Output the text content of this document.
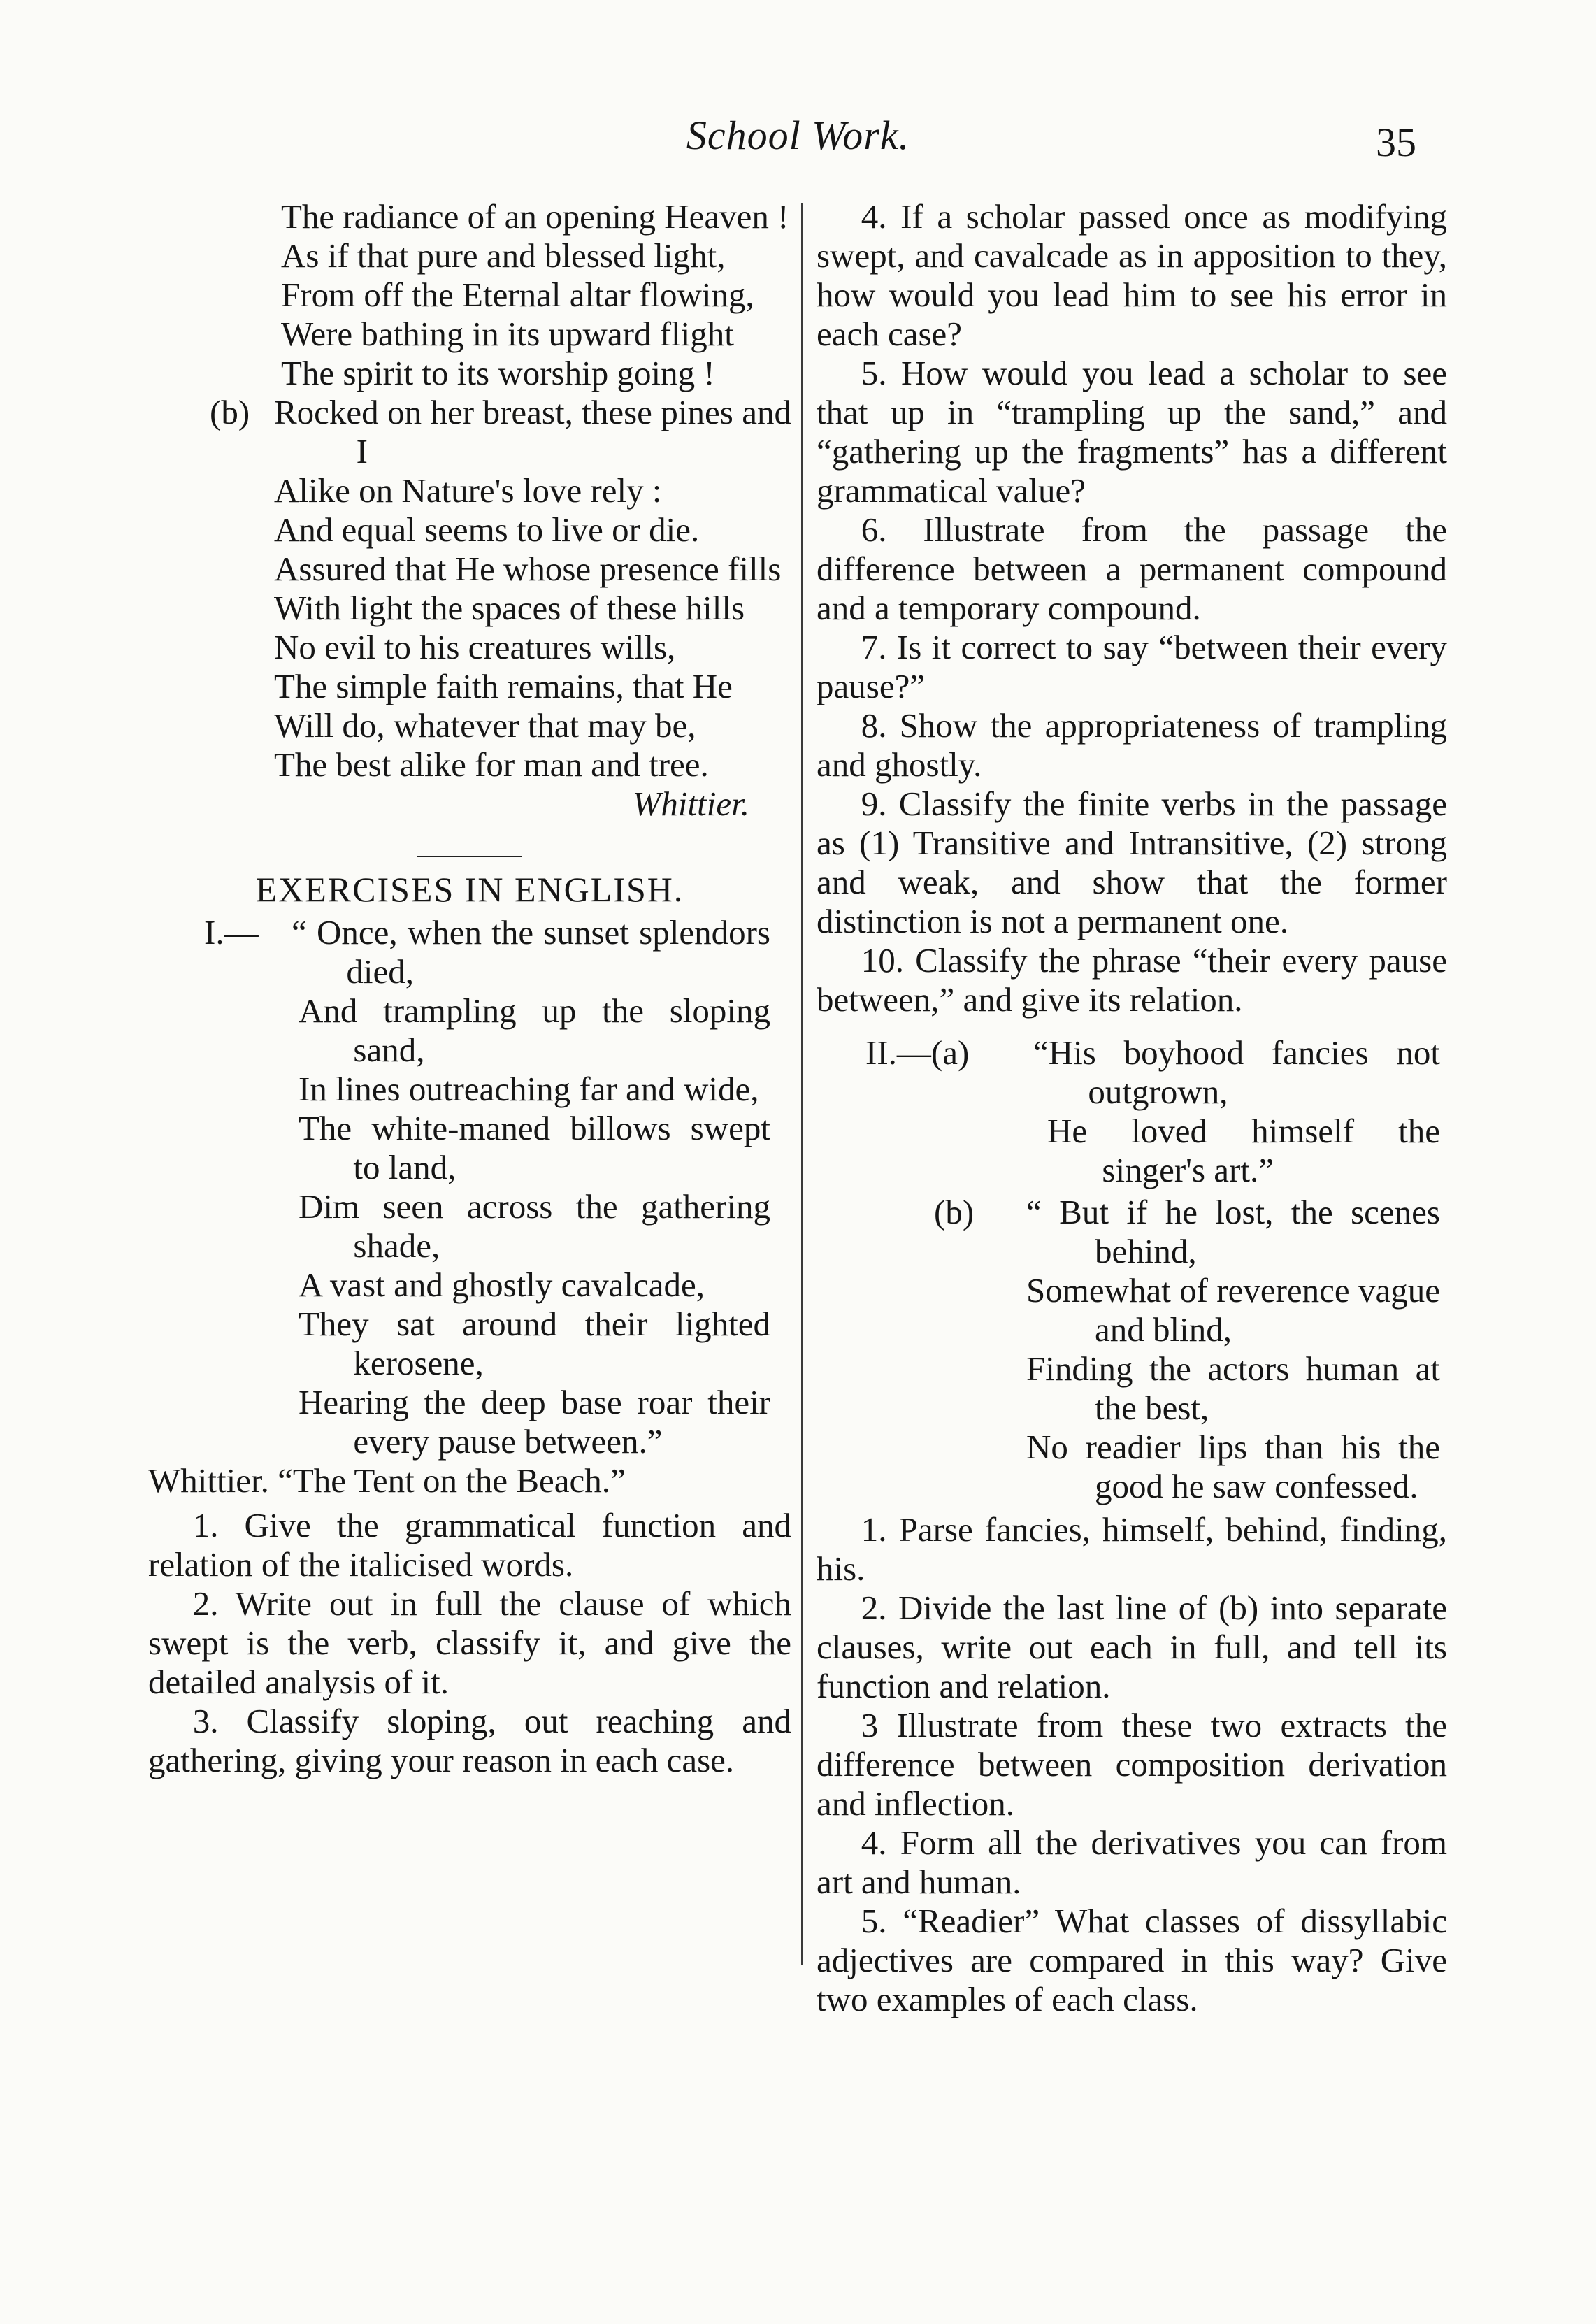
School Work.	35
The radiance of an opening Heaven !
As if that pure and blessed light,
From off the Eternal altar flowing,
Were bathing in its upward flight
The spirit to its worship going !
(b) Rocked on her breast, these pines and I
Alike on Nature's love rely :
And equal seems to live or die.
Assured that He whose presence fills
With light the spaces of these hills
No evil to his creatures wills,
The simple faith remains, that He
Will do, whatever that may be,
The best alike for man and tree.
Whittier.
EXERCISES IN ENGLISH.
I.— “ Once, when the sunset splendors died,
And trampling up the sloping sand,
In lines outreaching far and wide,
The white-maned billows swept to land,
Dim seen across the gathering shade,
A vast and ghostly cavalcade,
They sat around their lighted kerosene,
Hearing the deep base roar their every pause between.”
Whittier. “The Tent on the Beach.”
1. Give the grammatical function and relation of the italicised words.
2. Write out in full the clause of which swept is the verb, classify it, and give the detailed analysis of it.
3. Classify sloping, out reaching and gathering, giving your reason in each case.
4. If a scholar passed once as modifying swept, and cavalcade as in apposition to they, how would you lead him to see his error in each case?
5. How would you lead a scholar to see that up in “trampling up the sand,” and “gathering up the fragments” has a different grammatical value?
6. Illustrate from the passage the difference between a permanent compound and a temporary compound.
7. Is it correct to say “between their every pause?”
8. Show the appropriateness of trampling and ghostly.
9. Classify the finite verbs in the passage as (1) Transitive and Intransitive, (2) strong and weak, and show that the former distinction is not a permanent one.
10. Classify the phrase “their every pause between,” and give its relation.
II.—(a) “His boyhood fancies not outgrown,
He loved himself the singer's art.”
(b) “ But if he lost, the scenes behind,
Somewhat of reverence vague and blind,
Finding the actors human at the best,
No readier lips than his the good he saw confessed.
1. Parse fancies, himself, behind, finding, his.
2. Divide the last line of (b) into separate clauses, write out each in full, and tell its function and relation.
3 Illustrate from these two extracts the difference between composition derivation and inflection.
4. Form all the derivatives you can from art and human.
5. “Readier” What classes of dissyllabic adjectives are compared in this way? Give two examples of each class.
